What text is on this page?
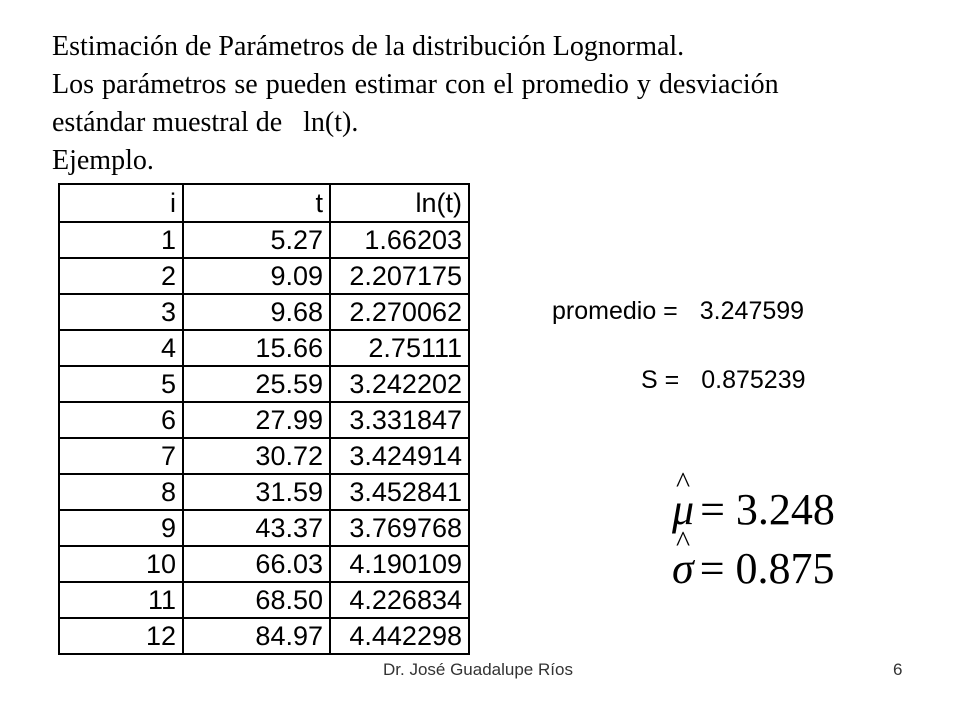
Estimación de Parámetros de la distribución Lognormal.
Los parámetros se pueden estimar con el promedio y desviación
estándar muestral de   ln(t).
Ejemplo.
i	t	ln(t)
1	5.27	1.66203
2	9.09	2.207175
3	9.68	2.270062
4	15.66	2.75111
5	25.59	3.242202
6	27.99	3.331847
7	30.72	3.424914
8	31.59	3.452841
9	43.37	3.769768
10	66.03	4.190109
11	68.50	4.226834
12	84.97	4.442298
promedio = 3.247599
S = 0.875239
^ μ = 3.248
^ σ = 0.875
Dr. José Guadalupe Ríos	6
